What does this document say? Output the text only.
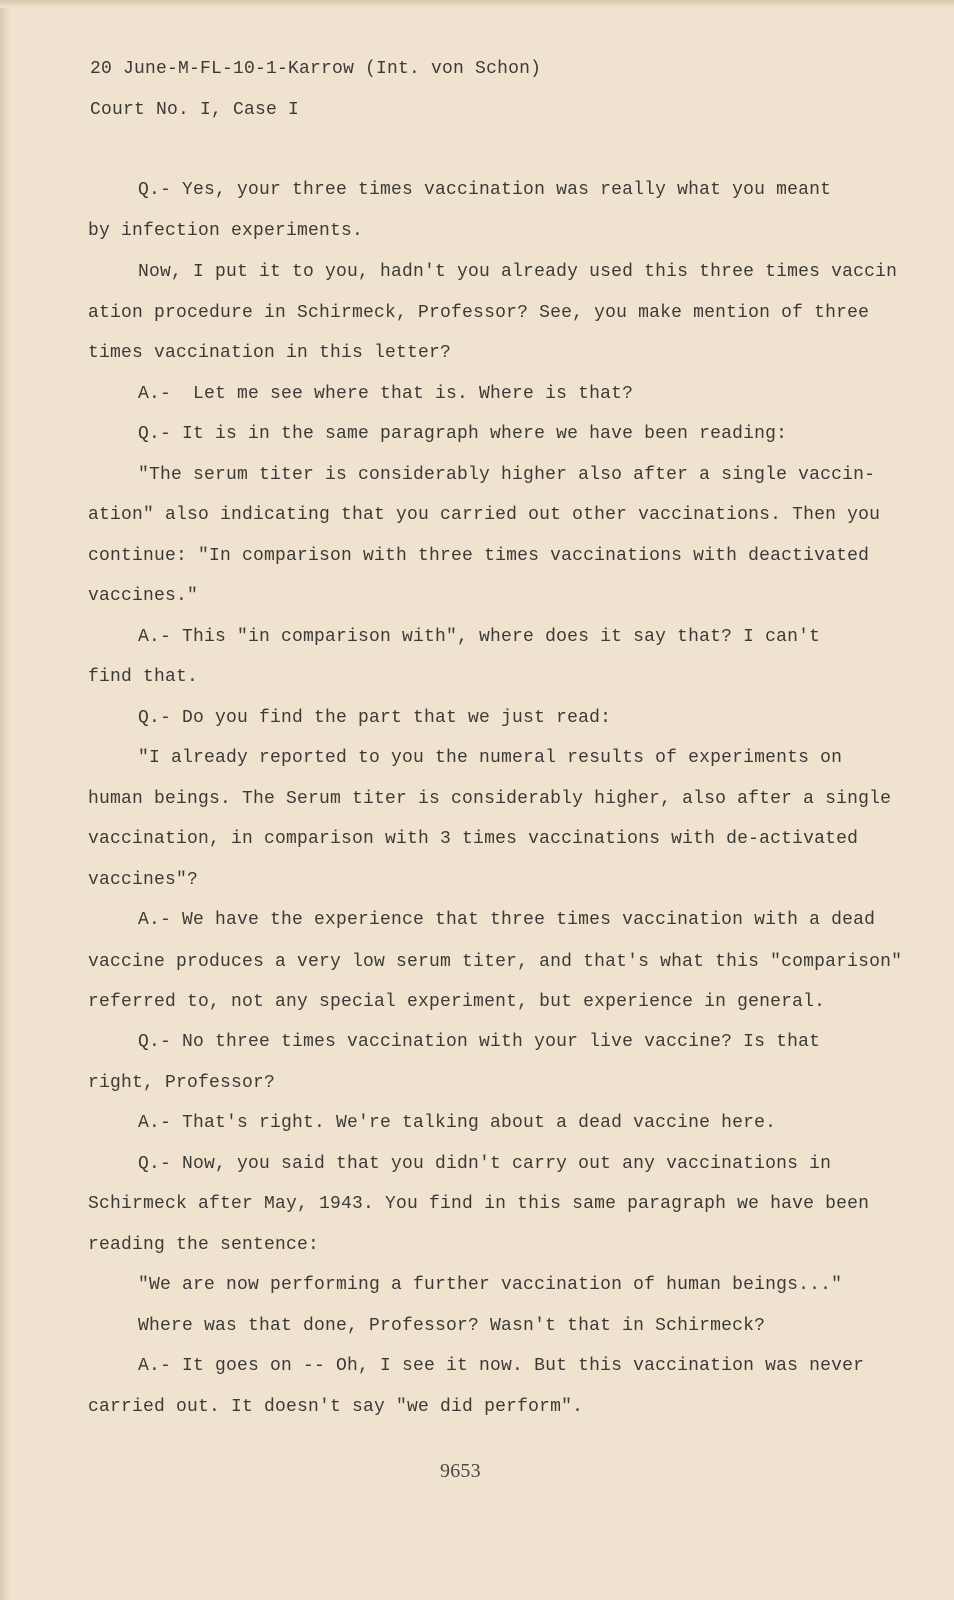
20 June-M-FL-10-1-Karrow (Int. von Schon)
Court No. I, Case I
Q.- Yes, your three times vaccination was really what you meant
by infection experiments.
Now, I put it to you, hadn't you already used this three times vaccin
ation procedure in Schirmeck, Professor? See, you make mention of three
times vaccination in this letter?
A.-  Let me see where that is. Where is that?
Q.- It is in the same paragraph where we have been reading:
"The serum titer is considerably higher also after a single vaccin-
ation" also indicating that you carried out other vaccinations. Then you
continue: "In comparison with three times vaccinations with deactivated
vaccines."
A.- This "in comparison with", where does it say that? I can't
find that.
Q.- Do you find the part that we just read:
"I already reported to you the numeral results of experiments on
human beings. The Serum titer is considerably higher, also after a single
vaccination, in comparison with 3 times vaccinations with de-activated
vaccines"?
A.- We have the experience that three times vaccination with a dead
vaccine produces a very low serum titer, and that's what this "comparison"
referred to, not any special experiment, but experience in general.
Q.- No three times vaccination with your live vaccine? Is that
right, Professor?
A.- That's right. We're talking about a dead vaccine here.
Q.- Now, you said that you didn't carry out any vaccinations in
Schirmeck after May, 1943. You find in this same paragraph we have been
reading the sentence:
"We are now performing a further vaccination of human beings..."
Where was that done, Professor? Wasn't that in Schirmeck?
A.- It goes on -- Oh, I see it now. But this vaccination was never
carried out. It doesn't say "we did perform".
9653
